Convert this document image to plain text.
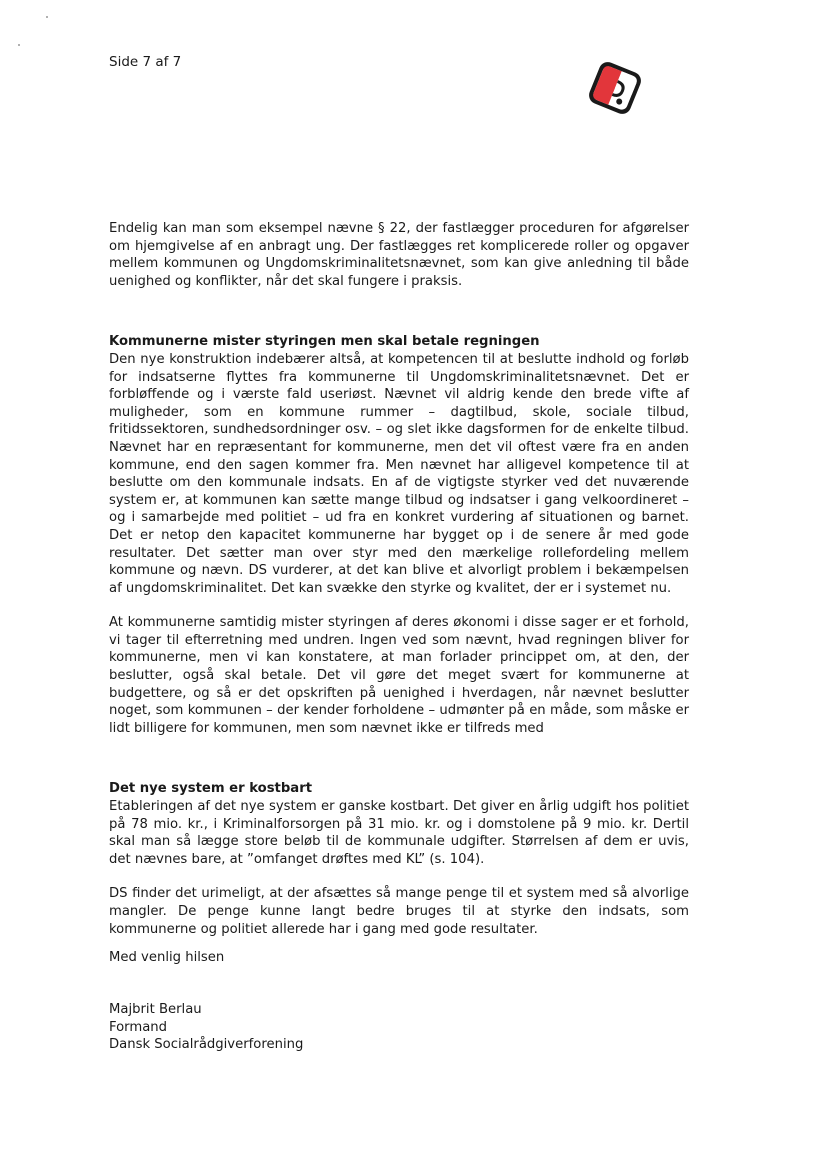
Side 7 af 7

Endelig kan man som eksempel nævne § 22, der fastlægger proceduren for afgørelser om hjemgivelse af en anbragt ung. Der fastlægges ret komplicerede roller og opgaver mellem kommunen og Ungdomskriminalitetsnævnet, som kan give anledning til både uenighed og konflikter, når det skal fungere i praksis.

Kommunerne mister styringen men skal betale regningen

Den nye konstruktion indebærer altså, at kompetencen til at beslutte indhold og forløb for indsatserne flyttes fra kommunerne til Ungdomskriminalitetsnævnet. Det er forbløffende og i værste fald useriøst. Nævnet vil aldrig kende den brede vifte af muligheder, som en kommune rummer – dagtilbud, skole, sociale tilbud, fritidssektoren, sundhedsordninger osv. – og slet ikke dagsformen for de enkelte tilbud. Nævnet har en repræsentant for kommunerne, men det vil oftest være fra en anden kommune, end den sagen kommer fra. Men nævnet har alligevel kompetence til at beslutte om den kommunale indsats. En af de vigtigste styrker ved det nuværende system er, at kommunen kan sætte mange tilbud og indsatser i gang velkoordineret – og i samarbejde med politiet – ud fra en konkret vurdering af situationen og barnet. Det er netop den kapacitet kommunerne har bygget op i de senere år med gode resultater. Det sætter man over styr med den mærkelige rollefordeling mellem kommune og nævn. DS vurderer, at det kan blive et alvorligt problem i bekæmpelsen af ungdomskriminalitet. Det kan svække den styrke og kvalitet, der er i systemet nu.

At kommunerne samtidig mister styringen af deres økonomi i disse sager er et forhold, vi tager til efterretning med undren. Ingen ved som nævnt, hvad regningen bliver for kommunerne, men vi kan konstatere, at man forlader princippet om, at den, der beslutter, også skal betale. Det vil gøre det meget svært for kommunerne at budgettere, og så er det opskriften på uenighed i hverdagen, når nævnet beslutter noget, som kommunen – der kender forholdene – udmønter på en måde, som måske er lidt billigere for kommunen, men som nævnet ikke er tilfreds med

Det nye system er kostbart

Etableringen af det nye system er ganske kostbart. Det giver en årlig udgift hos politiet på 78 mio. kr., i Kriminalforsorgen på 31 mio. kr. og i domstolene på 9 mio. kr. Dertil skal man så lægge store beløb til de kommunale udgifter. Størrelsen af dem er uvis, det nævnes bare, at ”omfanget drøftes med KL” (s. 104).

DS finder det urimeligt, at der afsættes så mange penge til et system med så alvorlige mangler. De penge kunne langt bedre bruges til at styrke den indsats, som kommunerne og politiet allerede har i gang med gode resultater.

Med venlig hilsen
Majbrit Berlau
Formand
Dansk Socialrådgiverforening
